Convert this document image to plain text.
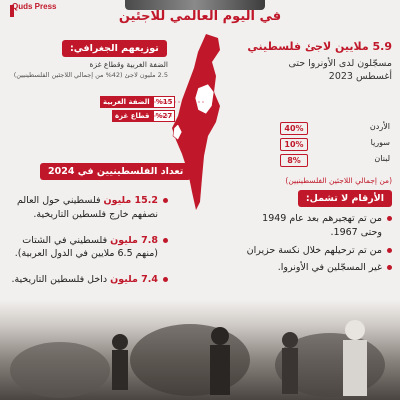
Quds Press
في اليوم العالمي للاجئين
5.9 ملايين لاجئ فلسطيني
مسجّلون لدى الأونروا حتى
أغسطس 2023
الأردن
40%
سوريا
10%
لبنان
8%
(من إجمالي اللاجئين الفلسطينيين)
الأرقام لا تشمل:
من تم تهجيرهم بعد عام 1949 وحتى 1967.
من تم ترحيلهم خلال نكسة حزيران
غير المسجّلين في الأونروا.
توزيعهم الجغرافي:
الضفة الغربية وقطاع غزة
2.5 مليون لاجئ (42% من إجمالي اللاجئين الفلسطينيين)
%15الضفة الغربية
%27قطاع غزة
تعداد الفلسطينيين في 2024
15.2 مليون فلسطيني حول العالم نصفهم خارج فلسطين التاريخية.
7.8 مليون فلسطيني في الشتات (منهم 6.5 ملايين في الدول العربية).
7.4 مليون داخل فلسطين التاريخية.
